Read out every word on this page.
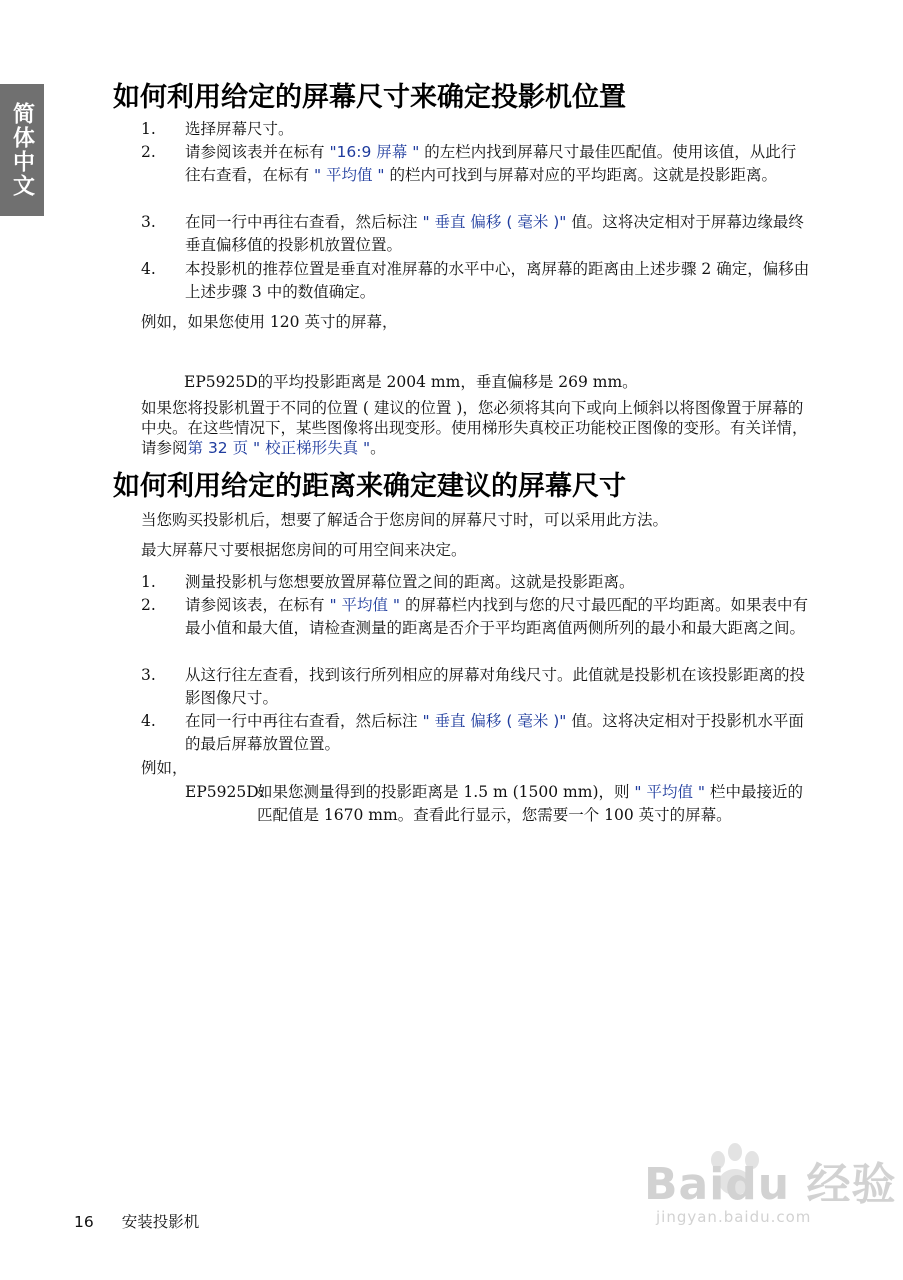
简体中文
如何利用给定的屏幕尺寸来确定投影机位置
1.	选择屏幕尺寸。
2.	请参阅该表并在标有 "16:9 屏幕 " 的左栏内找到屏幕尺寸最佳匹配值。使用该值，从此行往右查看，在标有 " 平均值 " 的栏内可找到与屏幕对应的平均距离。这就是投影距离。
3.	在同一行中再往右查看，然后标注 " 垂直 偏移 ( 毫米 )" 值。这将决定相对于屏幕边缘最终垂直偏移值的投影机放置位置。
4.	本投影机的推荐位置是垂直对准屏幕的水平中心，离屏幕的距离由上述步骤 2 确定，偏移由上述步骤 3 中的数值确定。
例如，如果您使用 120 英寸的屏幕，
EP5925D的平均投影距离是 2004 mm，垂直偏移是 269 mm。
如果您将投影机置于不同的位置 ( 建议的位置 )，您必须将其向下或向上倾斜以将图像置于屏幕的中央。在这些情况下，某些图像将出现变形。使用梯形失真校正功能校正图像的变形。有关详情，请参阅第 32 页 " 校正梯形失真 "。
如何利用给定的距离来确定建议的屏幕尺寸
当您购买投影机后，想要了解适合于您房间的屏幕尺寸时，可以采用此方法。
最大屏幕尺寸要根据您房间的可用空间来决定。
1.	测量投影机与您想要放置屏幕位置之间的距离。这就是投影距离。
2.	请参阅该表，在标有 " 平均值 " 的屏幕栏内找到与您的尺寸最匹配的平均距离。如果表中有最小值和最大值，请检查测量的距离是否介于平均距离值两侧所列的最小和最大距离之间。
3.	从这行往左查看，找到该行所列相应的屏幕对角线尺寸。此值就是投影机在该投影距离的投影图像尺寸。
4.	在同一行中再往右查看，然后标注 " 垂直 偏移 ( 毫米 )" 值。这将决定相对于投影机水平面的最后屏幕放置位置。
例如，
EP5925D:
如果您测量得到的投影距离是 1.5 m (1500 mm)，则 " 平均值 " 栏中最接近的匹配值是 1670 mm。查看此行显示，您需要一个 100 英寸的屏幕。
16 安装投影机
Baidu 经验
jingyan.baidu.com
